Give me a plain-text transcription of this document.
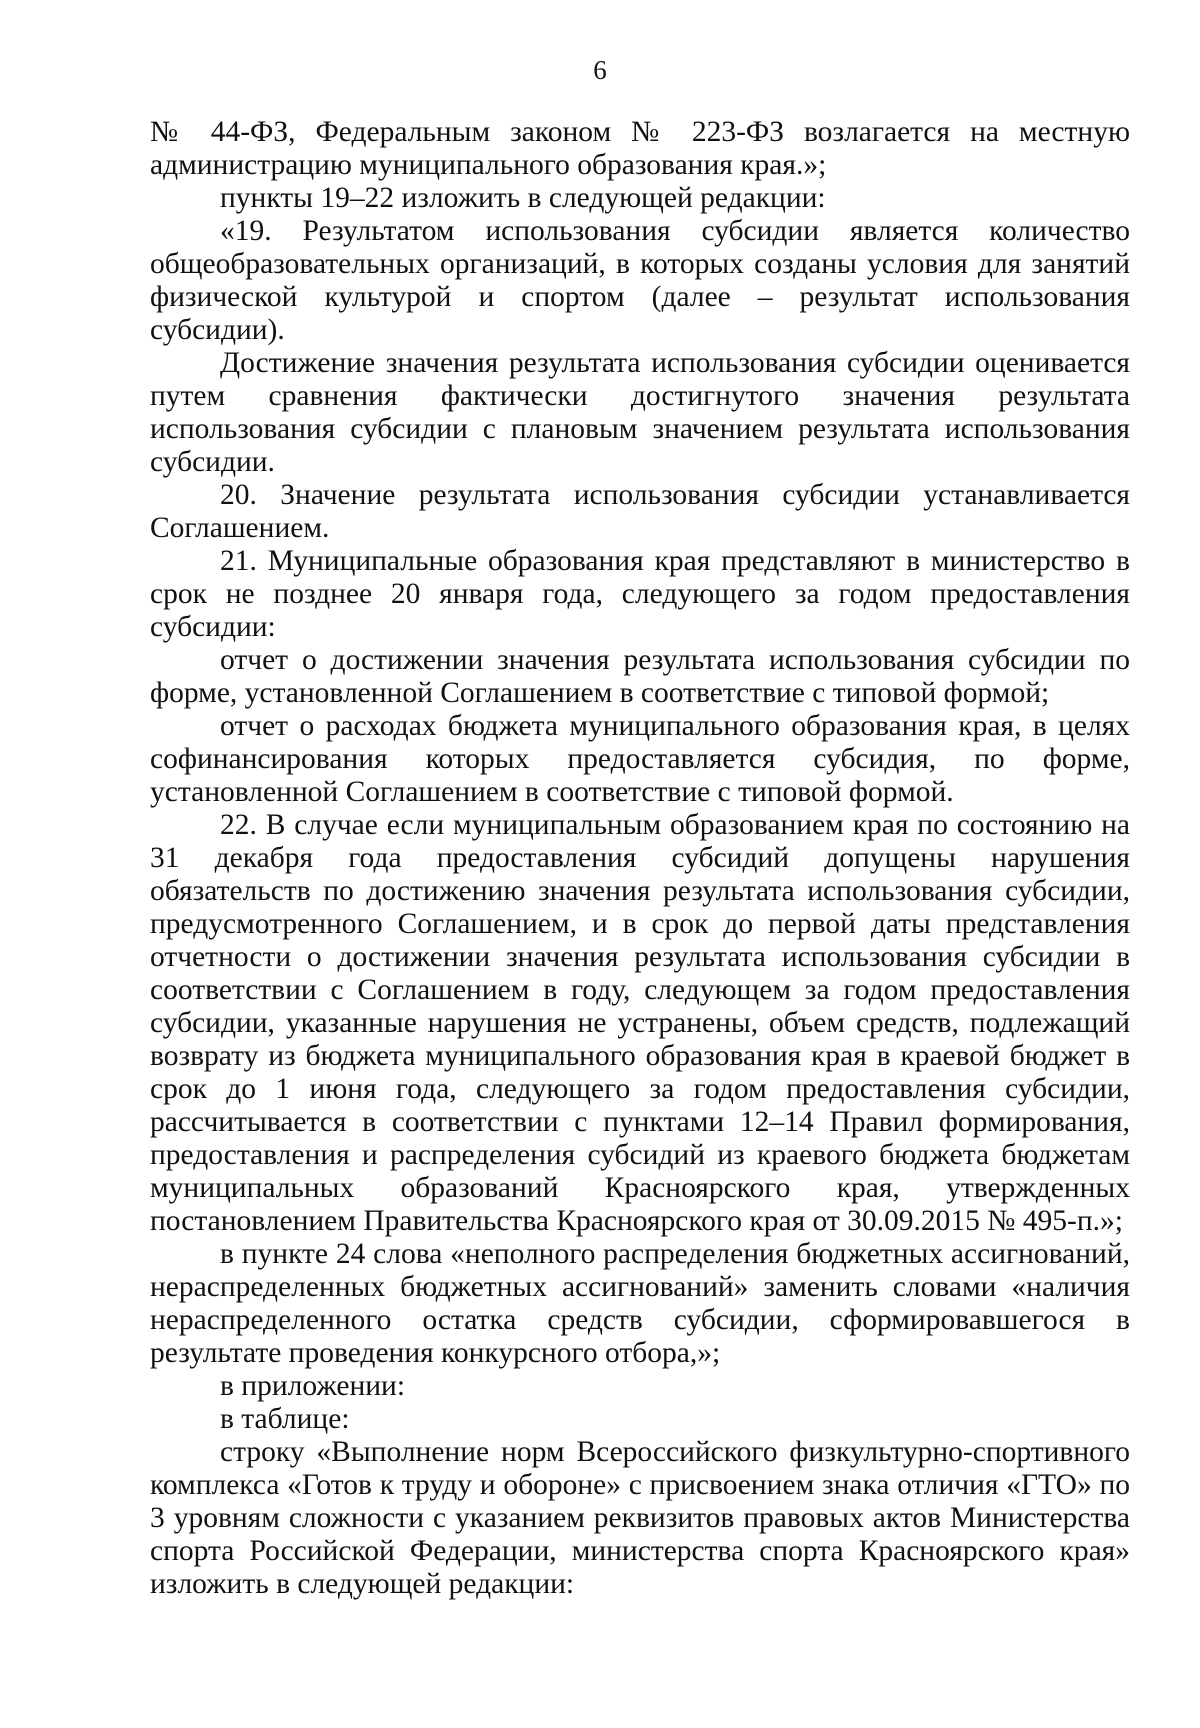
6

№ 44-ФЗ, Федеральным законом № 223-ФЗ возлагается на местную администрацию муниципального образования края.»;

пункты 19–22 изложить в следующей редакции:

«19. Результатом использования субсидии является количество общеобразовательных организаций, в которых созданы условия для занятий физической культурой и спортом (далее – результат использования субсидии).

Достижение значения результата использования субсидии оценивается путем сравнения фактически достигнутого значения результата использования субсидии с плановым значением результата использования субсидии.

20. Значение результата использования субсидии устанавливается Соглашением.

21. Муниципальные образования края представляют в министерство в срок не позднее 20 января года, следующего за годом предоставления субсидии:

отчет о достижении значения результата использования субсидии по форме, установленной Соглашением в соответствие с типовой формой;

отчет о расходах бюджета муниципального образования края, в целях софинансирования которых предоставляется субсидия, по форме, установленной Соглашением в соответствие с типовой формой.

22. В случае если муниципальным образованием края по состоянию на 31 декабря года предоставления субсидий допущены нарушения обязательств по достижению значения результата использования субсидии, предусмотренного Соглашением, и в срок до первой даты представления отчетности о достижении значения результата использования субсидии в соответствии с Соглашением в году, следующем за годом предоставления субсидии, указанные нарушения не устранены, объем средств, подлежащий возврату из бюджета муниципального образования края в краевой бюджет в срок до 1 июня года, следующего за годом предоставления субсидии, рассчитывается в соответствии с пунктами 12–14 Правил формирования, предоставления и распределения субсидий из краевого бюджета бюджетам муниципальных образований Красноярского края, утвержденных постановлением Правительства Красноярского края от 30.09.2015 № 495-п.»;

в пункте 24 слова «неполного распределения бюджетных ассигнований, нераспределенных бюджетных ассигнований» заменить словами «наличия нераспределенного остатка средств субсидии, сформировавшегося в результате проведения конкурсного отбора,»;

в приложении:

в таблице:

строку «Выполнение норм Всероссийского физкультурно-спортивного комплекса «Готов к труду и обороне» с присвоением знака отличия «ГТО» по 3 уровням сложности с указанием реквизитов правовых актов Министерства спорта Российской Федерации, министерства спорта Красноярского края» изложить в следующей редакции:
